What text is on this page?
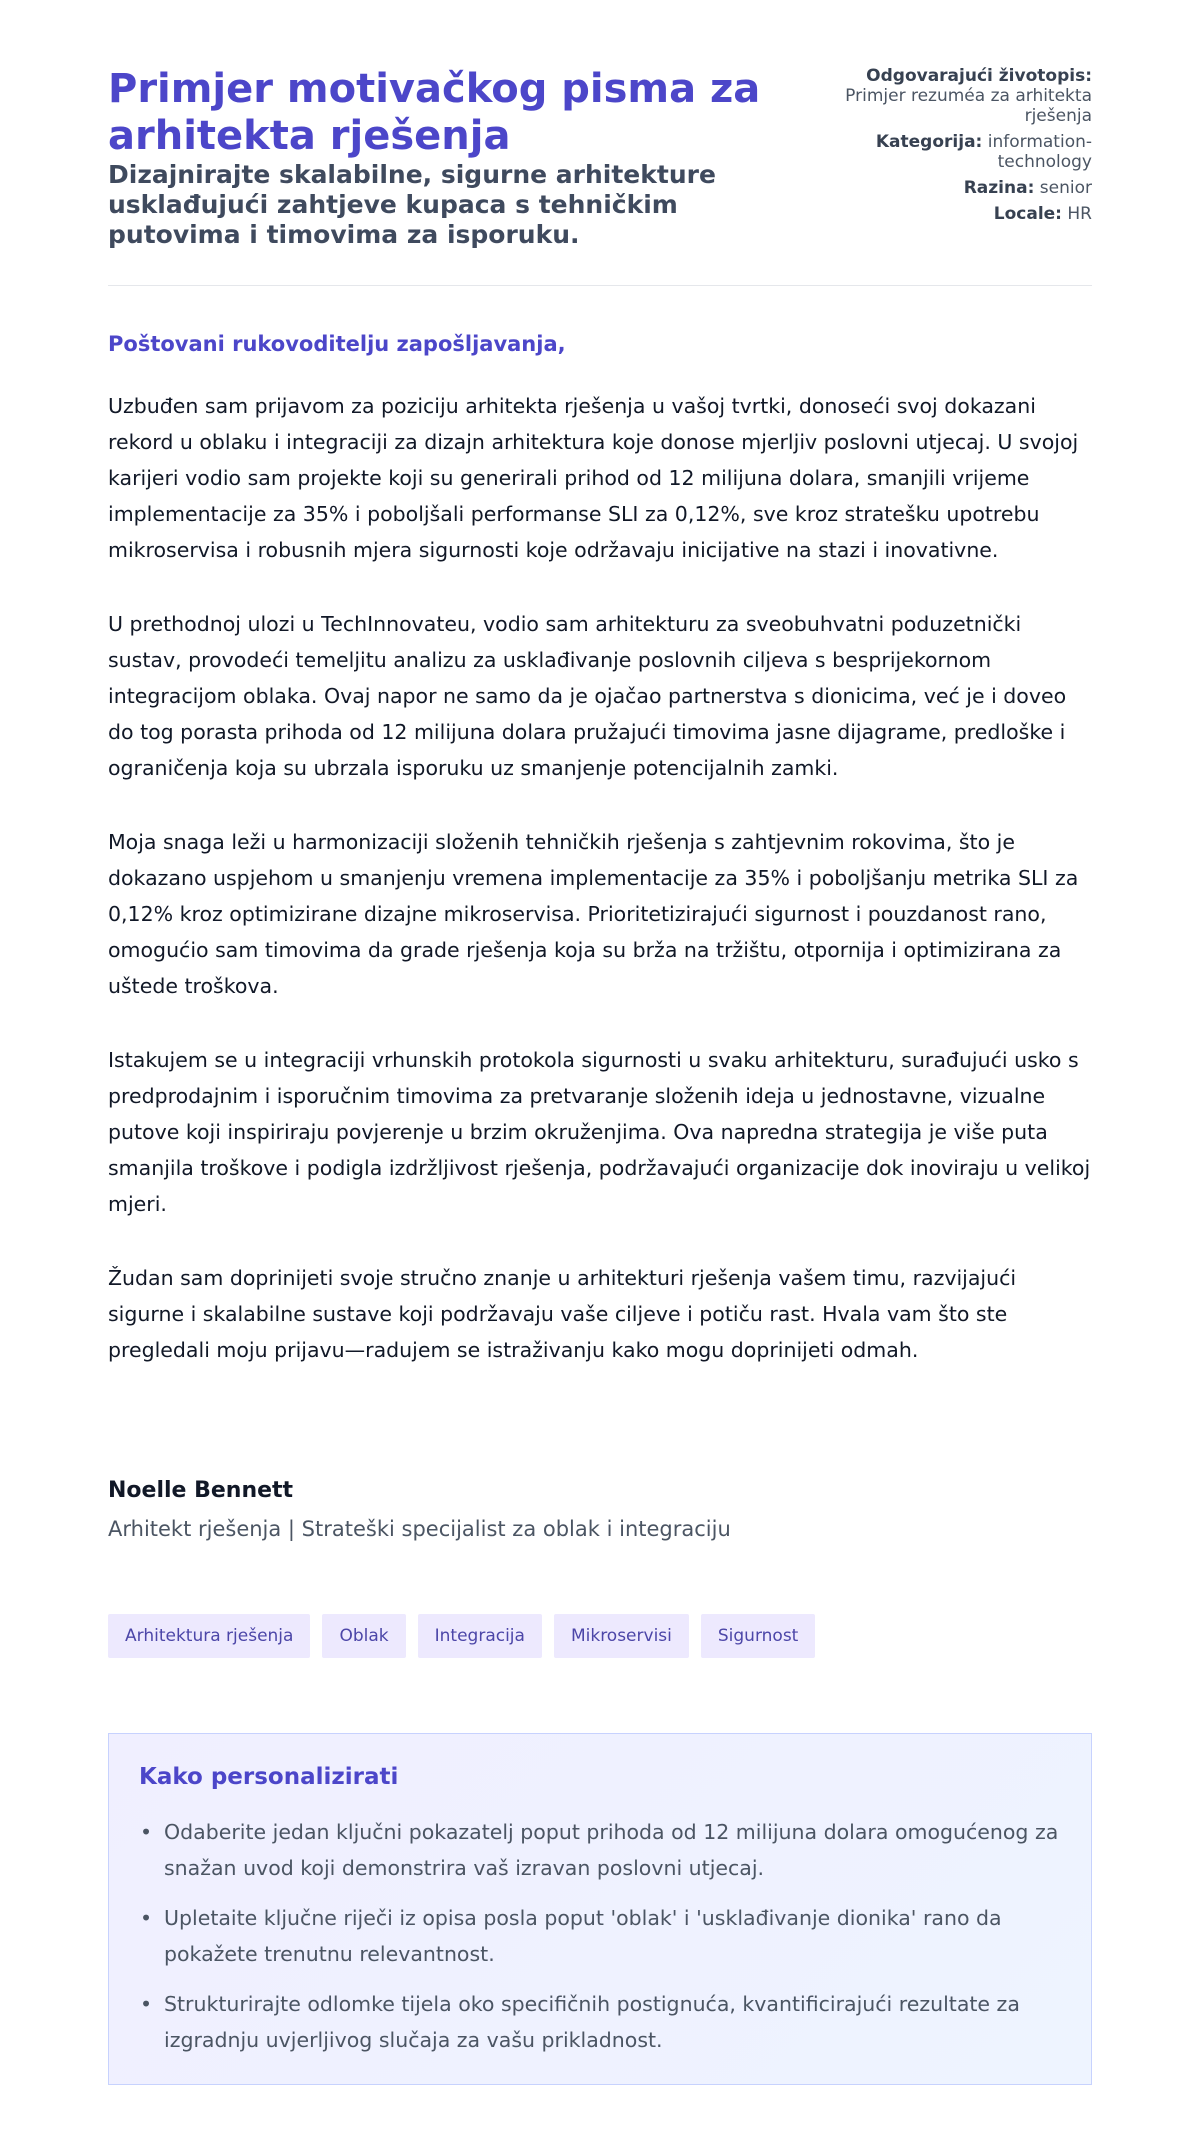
Primjer motivačkog pisma za arhitekta rješenja

Dizajnirajte skalabilne, sigurne arhitekture usklađujući zahtjeve kupaca s tehničkim putovima i timovima za isporuku.

Odgovarajući životopis:
Primjer rezuméa za arhitekta rješenja

Kategorija: information-technology

Razina: senior

Locale: HR

Poštovani rukovoditelju zapošljavanja,

Uzbuđen sam prijavom za poziciju arhitekta rješenja u vašoj tvrtki, donoseći svoj dokazani rekord u oblaku i integraciji za dizajn arhitektura koje donose mjerljiv poslovni utjecaj. U svojoj karijeri vodio sam projekte koji su generirali prihod od 12 milijuna dolara, smanjili vrijeme implementacije za 35% i poboljšali performanse SLI za 0,12%, sve kroz stratešku upotrebu mikroservisa i robusnih mjera sigurnosti koje održavaju inicijative na stazi i inovativne.

U prethodnoj ulozi u TechInnovateu, vodio sam arhitekturu za sveobuhvatni poduzetnički sustav, provodeći temeljitu analizu za usklađivanje poslovnih ciljeva s besprijekornom integracijom oblaka. Ovaj napor ne samo da je ojačao partnerstva s dionicima, već je i doveo do tog porasta prihoda od 12 milijuna dolara pružajući timovima jasne dijagrame, predloške i ograničenja koja su ubrzala isporuku uz smanjenje potencijalnih zamki.

Moja snaga leži u harmonizaciji složenih tehničkih rješenja s zahtjevnim rokovima, što je dokazano uspjehom u smanjenju vremena implementacije za 35% i poboljšanju metrika SLI za 0,12% kroz optimizirane dizajne mikroservisa. Prioritetizirajući sigurnost i pouzdanost rano, omogućio sam timovima da grade rješenja koja su brža na tržištu, otpornija i optimizirana za uštede troškova.

Istakujem se u integraciji vrhunskih protokola sigurnosti u svaku arhitekturu, surađujući usko s predprodajnim i isporučnim timovima za pretvaranje složenih ideja u jednostavne, vizualne putove koji inspiriraju povjerenje u brzim okruženjima. Ova napredna strategija je više puta smanjila troškove i podigla izdržljivost rješenja, podržavajući organizacije dok inoviraju u velikoj mjeri.

Žudan sam doprinijeti svoje stručno znanje u arhitekturi rješenja vašem timu, razvijajući sigurne i skalabilne sustave koji podržavaju vaše ciljeve i potiču rast. Hvala vam što ste pregledali moju prijavu—radujem se istraživanju kako mogu doprinijeti odmah.

Noelle Bennett

Arhitekt rješenja | Strateški specijalist za oblak i integraciju

Arhitektura rješenja	Oblak	Integracija	Mikroservisi	Sigurnost
Kako personalizirati
• Odaberite jedan ključni pokazatelj poput prihoda od 12 milijuna dolara omogućenog za snažan uvod koji demonstrira vaš izravan poslovni utjecaj.
• Upletaite ključne riječi iz opisa posla poput 'oblak' i 'usklađivanje dionika' rano da pokažete trenutnu relevantnost.
• Strukturirajte odlomke tijela oko specifičnih postignuća, kvantificirajući rezultate za izgradnju uvjerljivog slučaja za vašu prikladnost.
